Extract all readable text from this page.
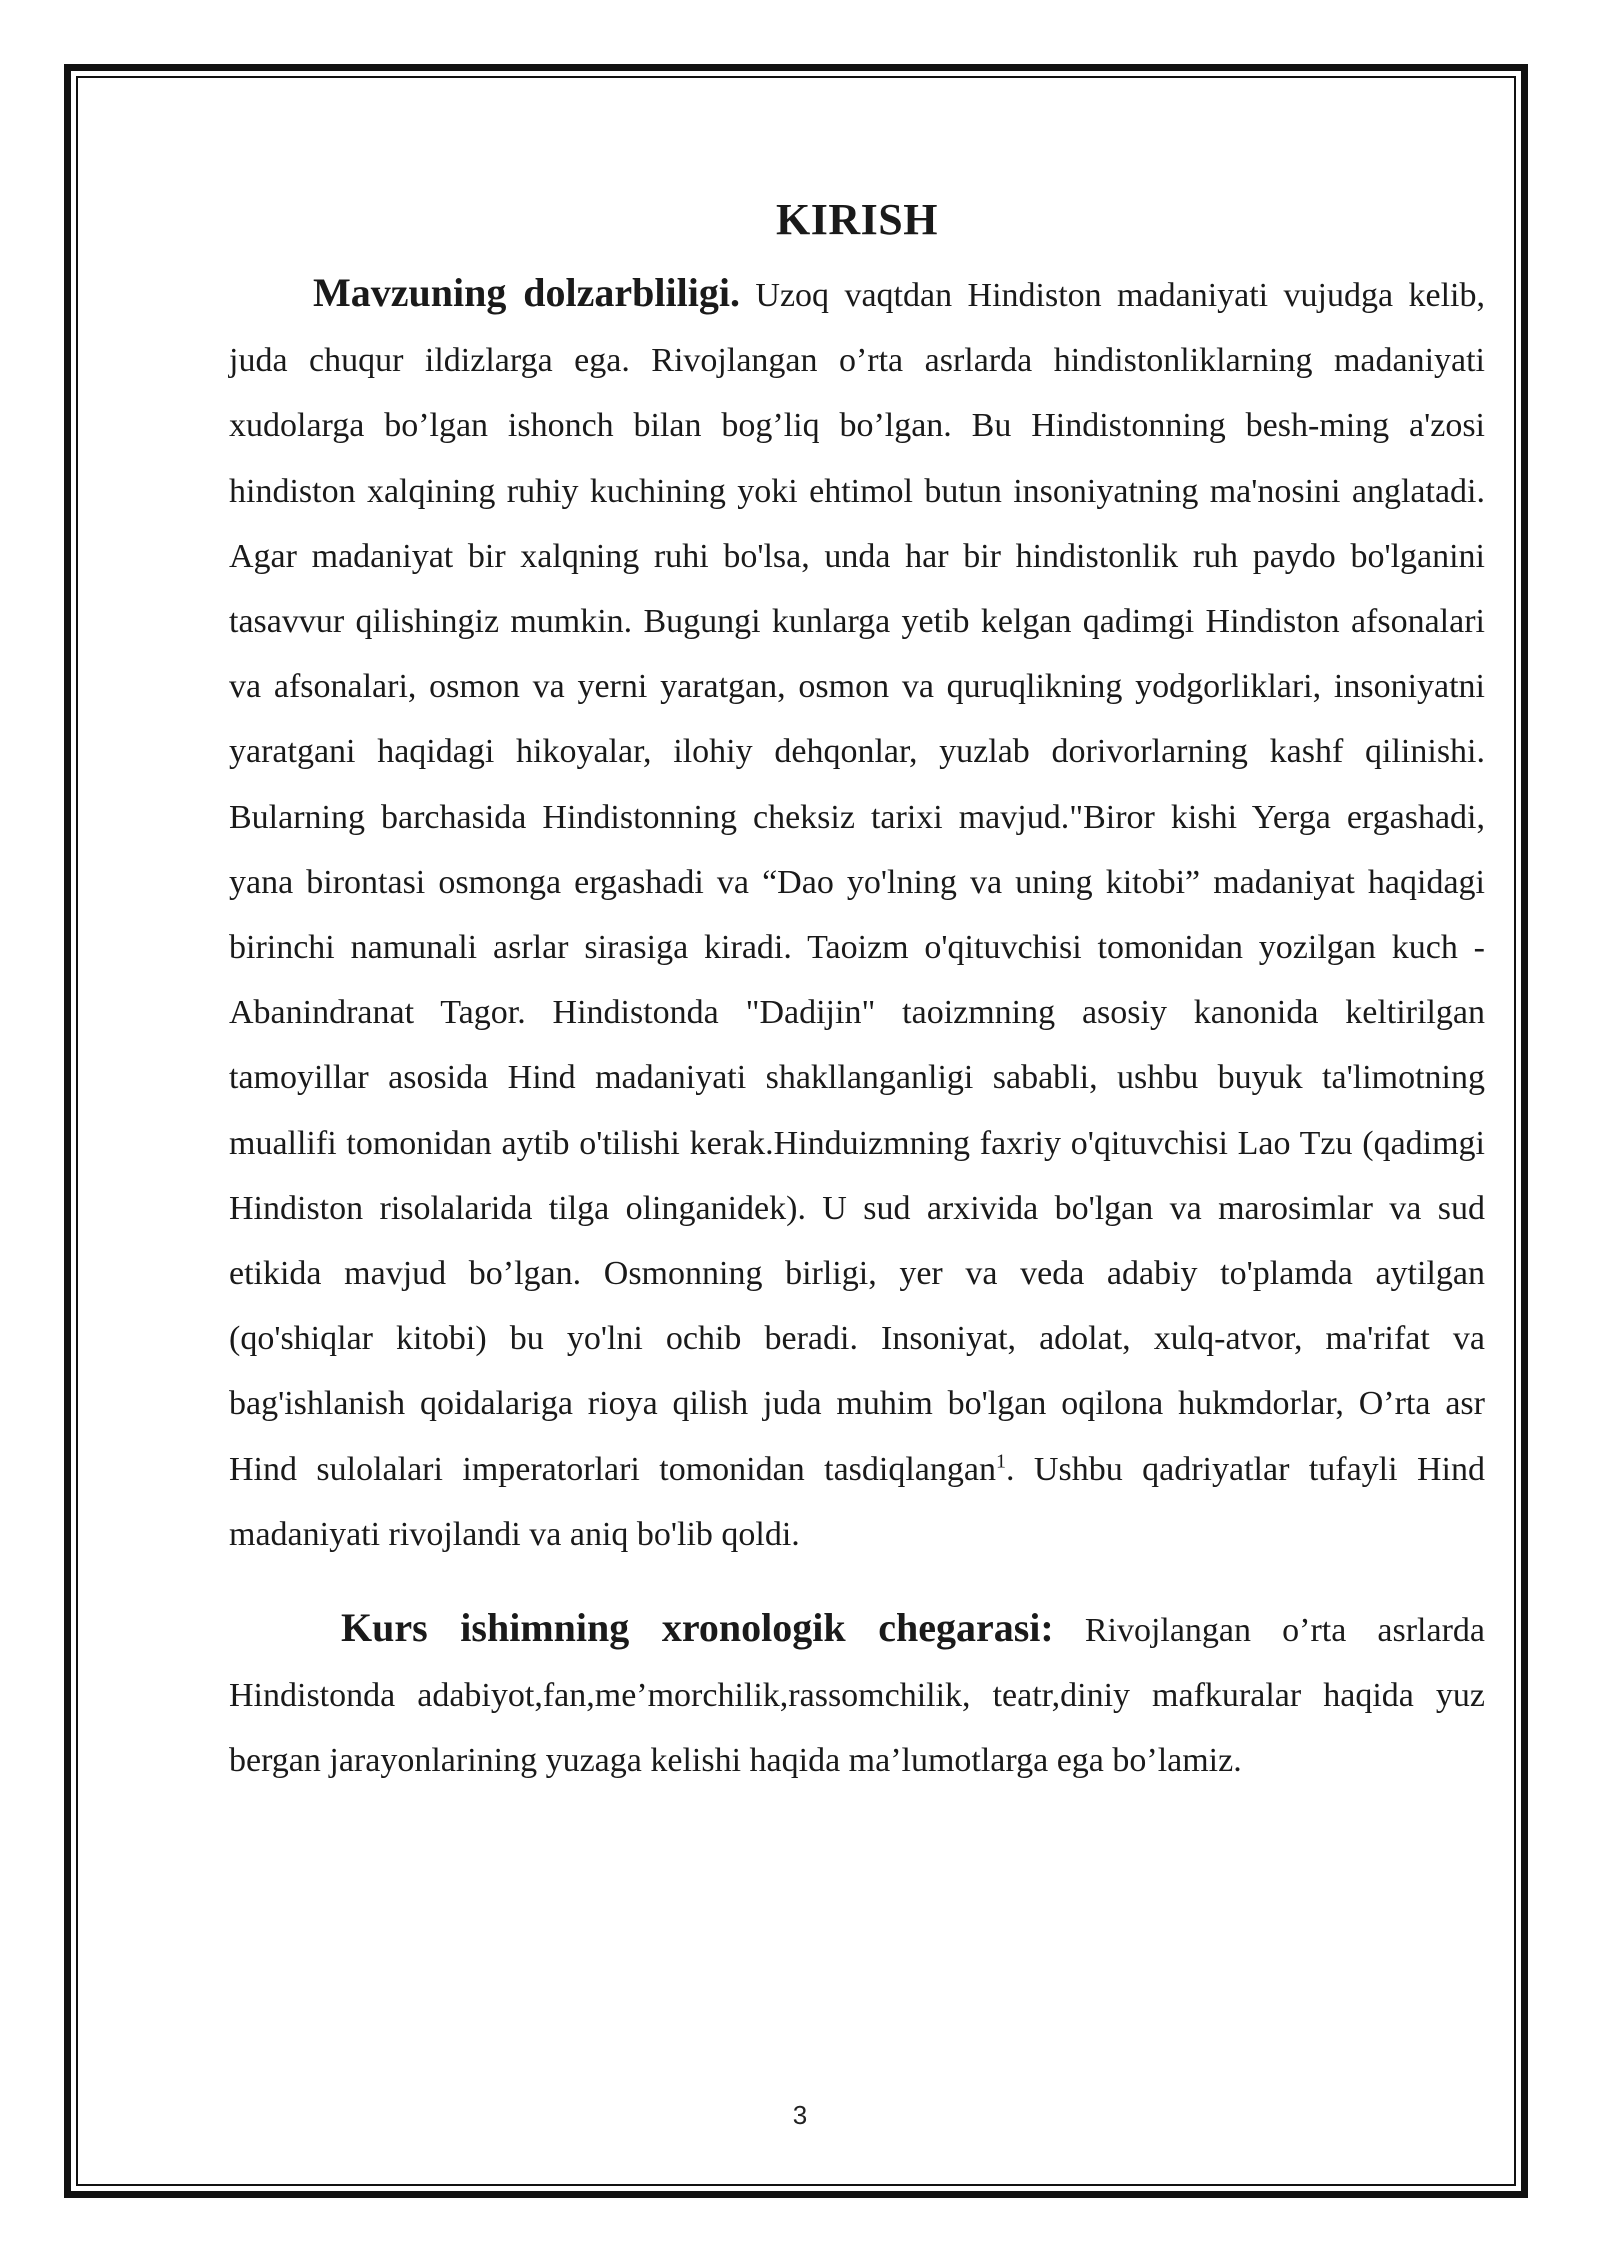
KIRISH

Mavzuning dolzarbliligi. Uzoq vaqtdan Hindiston madaniyati vujudga kelib, juda chuqur ildizlarga ega. Rivojlangan o’rta asrlarda hindistonliklarning madaniyati xudolarga bo’lgan ishonch bilan bog’liq bo’lgan. Bu Hindistonning besh-ming a'zosi hindiston xalqining ruhiy kuchining yoki ehtimol butun insoniyatning ma'nosini anglatadi. Agar madaniyat bir xalqning ruhi bo'lsa, unda har bir hindistonlik ruh paydo bo'lganini tasavvur qilishingiz mumkin. Bugungi kunlarga yetib kelgan qadimgi Hindiston afsonalari va afsonalari, osmon va yerni yaratgan, osmon va quruqlikning yodgorliklari, insoniyatni yaratgani haqidagi hikoyalar, ilohiy dehqonlar, yuzlab dorivorlarning kashf qilinishi. Bularning barchasida Hindistonning cheksiz tarixi mavjud."Biror kishi Yerga ergashadi, yana birontasi osmonga ergashadi va “Dao yo'lning va uning kitobi” madaniyat haqidagi birinchi namunali asrlar sirasiga kiradi. Taoizm o'qituvchisi tomonidan yozilgan kuch - Abanindranat Tagor. Hindistonda "Dadijin" taoizmning asosiy kanonida keltirilgan tamoyillar asosida Hind madaniyati shakllanganligi sababli, ushbu buyuk ta'limotning muallifi tomonidan aytib o'tilishi kerak.Hinduizmning faxriy o'qituvchisi Lao Tzu (qadimgi Hindiston risolalarida tilga olinganidek). U sud arxivida bo'lgan va marosimlar va sud etikida mavjud bo’lgan. Osmonning birligi, yer va veda adabiy to'plamda aytilgan (qo'shiqlar kitobi) bu yo'lni ochib beradi. Insoniyat, adolat, xulq-atvor, ma'rifat va bag'ishlanish qoidalariga rioya qilish juda muhim bo'lgan oqilona hukmdorlar, O’rta asr Hind sulolalari imperatorlari tomonidan tasdiqlangan$^1$. Ushbu qadriyatlar tufayli Hind madaniyati rivojlandi va aniq bo'lib qoldi.

Kurs ishimning xronologik chegarasi: Rivojlangan o’rta asrlarda Hindistonda adabiyot,fan,me’morchilik,rassomchilik, teatr,diniy mafkuralar haqida yuz bergan jarayonlarining yuzaga kelishi haqida ma’lumotlarga ega bo’lamiz.

3
